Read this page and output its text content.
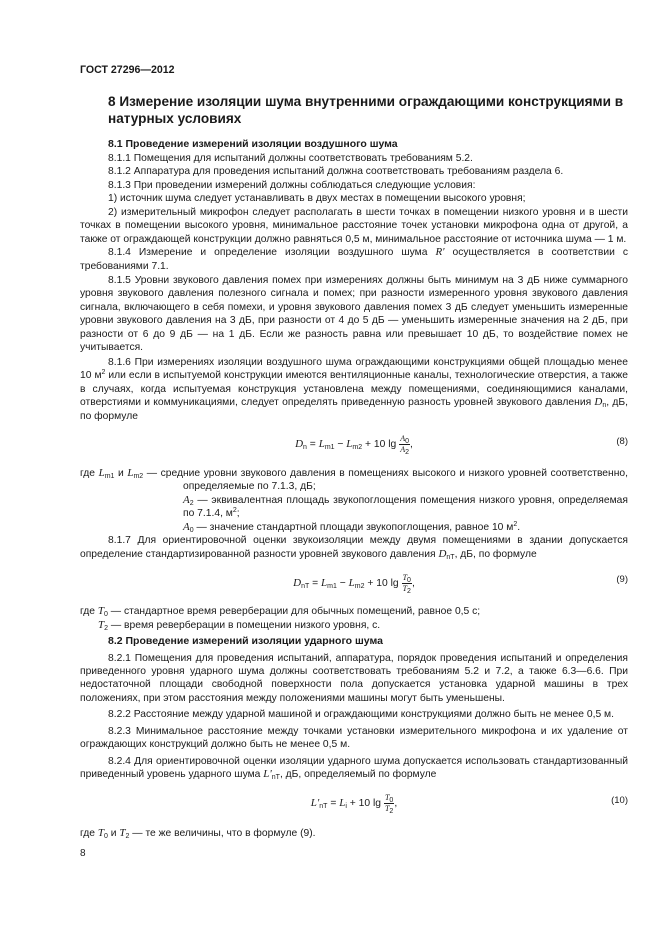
ГОСТ 27296—2012
8 Измерение изоляции шума внутренними ограждающими конструкциями в натурных условиях
8.1 Проведение измерений изоляции воздушного шума

8.1.1 Помещения для испытаний должны соответствовать требованиям 5.2.

8.1.2 Аппаратура для проведения испытаний должна соответствовать требованиям раздела 6.

8.1.3 При проведении измерений должны соблюдаться следующие условия:

1) источник шума следует устанавливать в двух местах в помещении высокого уровня;

2) измерительный микрофон следует располагать в шести точках в помещении низкого уровня и в шести точках в помещении высокого уровня, минимальное расстояние точек установки микрофона одна от другой, а также от ограждающей конструкции должно равняться 0,5 м, минимальное расстояние от источника шума — 1 м.

8.1.4 Измерение и определение изоляции воздушного шума R' осуществляется в соответствии с требованиями 7.1.

8.1.5 Уровни звукового давления помех при измерениях должны быть минимум на 3 дБ ниже суммарного уровня звукового давления полезного сигнала и помех; при разности измеренного уровня звукового давления сигнала, включающего в себя помехи, и уровня звукового давления помех 3 дБ следует уменьшить измеренные уровни звукового давления на 3 дБ, при разности от 4 до 5 дБ — уменьшить измеренные значения на 2 дБ, при разности от 6 до 9 дБ — на 1 дБ. Если же разность равна или превышает 10 дБ, то воздействие помех не учитывается.

8.1.6 При измерениях изоляции воздушного шума ограждающими конструкциями общей площадью менее 10 $м^2$ или если в испытуемой конструкции имеются вентиляционные каналы, технологические отверстия, а также в случаях, когда испытуемая конструкция установлена между помещениями, соединяющимися каналами, отверстиями и коммуникациями, следует определять приведенную разность уровней звукового давления $D_n$, дБ, по формуле

$D_n = L_{m1} - L_{m2} + 10$ $\lg \frac{A_0}{A_2}$ ,	(8)

где $L_{m1}$ и $L_{m2}$ — средние уровни звукового давления в помещениях высокого и низкого уровней соответственно, определяемые по 7.1.3, дБ;

$A_2$ — эквивалентная площадь звукопоглощения помещения низкого уровня, определяемая по 7.1.4, $м^2$;

$A_0$ — значение стандартной площади звукопоглощения, равное 10 $м^2$.

8.1.7 Для ориентировочной оценки звукоизоляции между двумя помещениями в здании допускается определение стандартизированной разности уровней звукового давления $D_{nT}$, дБ, по формуле

$D_{nT} = L_{m1} - L_{m2} + 10$ $\lg \frac{T_0}{T_2}$ ,	(9)

где $T_0$ — стандартное время реверберации для обычных помещений, равное 0,5 с;

$T_2$ — время реверберации в помещении низкого уровня, с.

8.2 Проведение измерений изоляции ударного шума

8.2.1 Помещения для проведения испытаний, аппаратура, порядок проведения испытаний и определения приведенного уровня ударного шума должны соответствовать требованиям 5.2 и 7.2, а также 6.3—6.6. При недостаточной площади свободной поверхности пола допускается установка ударной машины в трех положениях, при этом расстояния между положениями машины могут быть уменьшены.

8.2.2 Расстояние между ударной машиной и ограждающими конструкциями должно быть не менее 0,5 м.

8.2.3 Минимальное расстояние между точками установки измерительного микрофона и их удаление от ограждающих конструкций должно быть не менее 0,5 м.

8.2.4 Для ориентировочной оценки изоляции ударного шума допускается использовать стандартизованный приведенный уровень ударного шума $L'_{nT}$, дБ, определяемый по формуле

$L'_{nT} = L_i + 10$ $\lg \frac{T_0}{T_2}$ ,	(10)

где $T_0$ и $T_2$ — те же величины, что в формуле (9).

8
